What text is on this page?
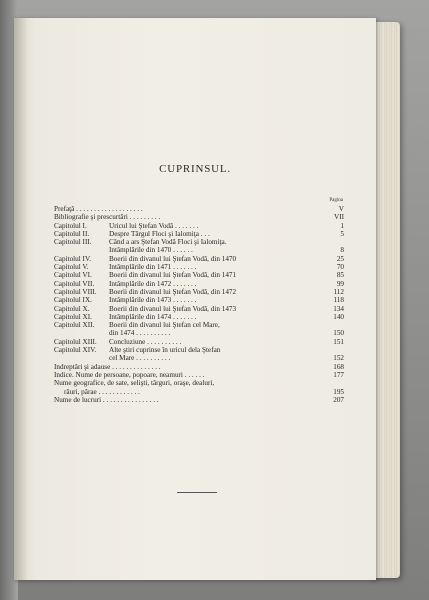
CUPRINSUL.
Pagina
Prefaţă . . . . . . . . . . . . . . . . . . .	V
Bibliografie şi prescurtări . . . . . . . . .	VII
Capitolul I.	Uricul lui Ştefan Vodă . . . . . . .	1
Capitolul II.	Despre Târgul Floci şi Ialomiţa . . .	5
Capitolul III.	Când a ars Ştefan Vodă Floci şi Ialomiţa.
Intâmplările din 1470 . . . . . .	8
Capitolul IV.	Boerii din divanul lui Ştefan Vodă, din 1470	25
Capitolul V.	Intâmplările din 1471 . . . . . . .	70
Capitolul VI.	Boerii din divanul lui Ştefan Vodă, din 1471	85
Capitolul VII.	Intâmplările din 1472 . . . . . . .	99
Capitolul VIII.	Boerii din divanul lui Ştefan Vodă, din 1472	112
Capitolul IX.	Intâmplările din 1473 . . . . . . .	118
Capitolul X.	Boerii din divanul lui Ştefan Vodă, din 1473	134
Capitolul XI.	Intâmplările din 1474 . . . . . . .	140
Capitolul XII.	Boerii din divanul lui Ştefan cel Mare,
din 1474 . . . . . . . . . .	150
Capitolul XIII.	Concluziune . . . . . . . . . .	151
Capitolul XIV.	Alte ştiri cuprinse în uricul dela Ştefan
cel Mare . . . . . . . . . .	152
Indreptări şi adause . . . . . . . . . . . . . .	168
Indice. Nume de persoane, popoare, neamuri . . . . . .	177
Nume geografice, de sate, selişti, târguri, oraşe, dealuri,
râuri, părae . . . . . . . . . . . .	195
Nume de lucruri . . . . . . . . . . . . . . . .	207
